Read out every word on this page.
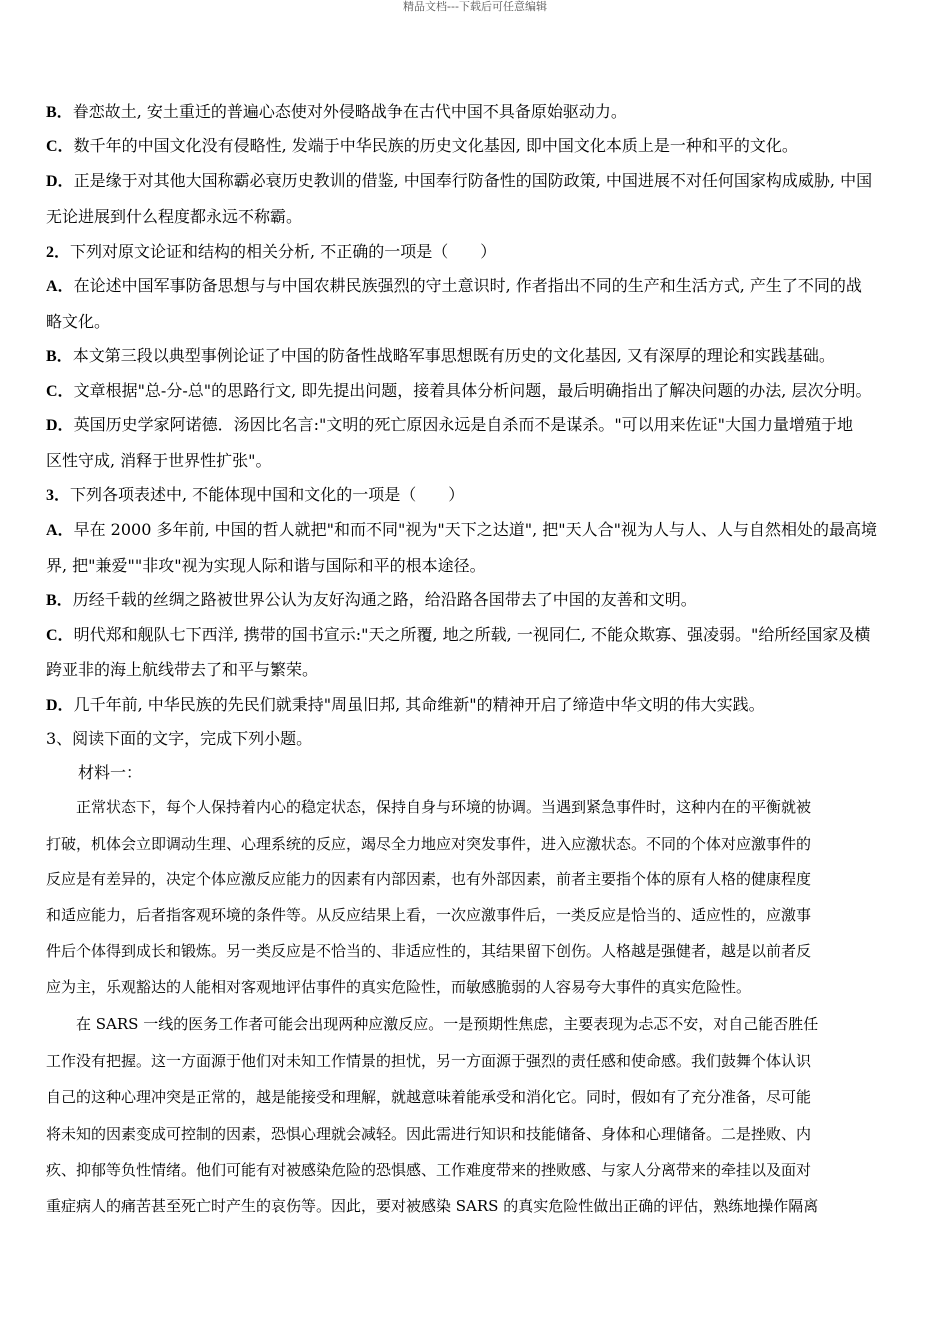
精品文档---下载后可任意编辑
B．眷恋故土, 安土重迁的普遍心态使对外侵略战争在古代中国不具备原始驱动力。
C．数千年的中国文化没有侵略性, 发端于中华民族的历史文化基因, 即中国文化本质上是一种和平的文化。
D．正是缘于对其他大国称霸必衰历史教训的借鉴, 中国奉行防备性的国防政策, 中国进展不对任何国家构成威胁, 中国
无论进展到什么程度都永远不称霸。
2．下列对原文论证和结构的相关分析, 不正确的一项是（　　）
A．在论述中国军事防备思想与与中国农耕民族强烈的守土意识时, 作者指出不同的生产和生活方式, 产生了不同的战
略文化。
B．本文第三段以典型事例论证了中国的防备性战略军事思想既有历史的文化基因, 又有深厚的理论和实践基础。
C．文章根据"总-分-总"的思路行文, 即先提出问题，接着具体分析问题，最后明确指出了解决问题的办法, 层次分明。
D．英国历史学家阿诺德．汤因比名言:"文明的死亡原因永远是自杀而不是谋杀。"可以用来佐证"大国力量增殖于地
区性守成, 消释于世界性扩张"。
3．下列各项表述中, 不能体现中国和文化的一项是（　　）
A．早在 2000 多年前, 中国的哲人就把"和而不同"视为"天下之达道", 把"天人合"视为人与人、人与自然相处的最高境
界, 把"兼爱""非攻"视为实现人际和谐与国际和平的根本途径。
B．历经千载的丝绸之路被世界公认为友好沟通之路，给沿路各国带去了中国的友善和文明。
C．明代郑和舰队七下西洋, 携带的国书宣示:"天之所覆, 地之所载, 一视同仁, 不能众欺寡、强凌弱。"给所经国家及横
跨亚非的海上航线带去了和平与繁荣。
D．几千年前, 中华民族的先民们就秉持"周虽旧邦, 其命维新"的精神开启了缔造中华文明的伟大实践。
3、阅读下面的文字，完成下列小题。
　　材料一：
　　正常状态下，每个人保持着内心的稳定状态，保持自身与环境的协调。当遇到紧急事件时，这种内在的平衡就被
打破，机体会立即调动生理、心理系统的反应，竭尽全力地应对突发事件，进入应激状态。不同的个体对应激事件的
反应是有差异的，决定个体应激反应能力的因素有内部因素，也有外部因素，前者主要指个体的原有人格的健康程度
和适应能力，后者指客观环境的条件等。从反应结果上看，一次应激事件后，一类反应是恰当的、适应性的，应激事
件后个体得到成长和锻炼。另一类反应是不恰当的、非适应性的，其结果留下创伤。人格越是强健者，越是以前者反
应为主，乐观豁达的人能相对客观地评估事件的真实危险性，而敏感脆弱的人容易夸大事件的真实危险性。
　　在 SARS 一线的医务工作者可能会出现两种应激反应。一是预期性焦虑，主要表现为忐忑不安，对自己能否胜任
工作没有把握。这一方面源于他们对未知工作情景的担忧，另一方面源于强烈的责任感和使命感。我们鼓舞个体认识
自己的这种心理冲突是正常的，越是能接受和理解，就越意味着能承受和消化它。同时，假如有了充分准备，尽可能
将未知的因素变成可控制的因素，恐惧心理就会减轻。因此需进行知识和技能储备、身体和心理储备。二是挫败、内
疚、抑郁等负性情绪。他们可能有对被感染危险的恐惧感、工作难度带来的挫败感、与家人分离带来的牵挂以及面对
重症病人的痛苦甚至死亡时产生的哀伤等。因此，要对被感染 SARS 的真实危险性做出正确的评估，熟练地操作隔离
